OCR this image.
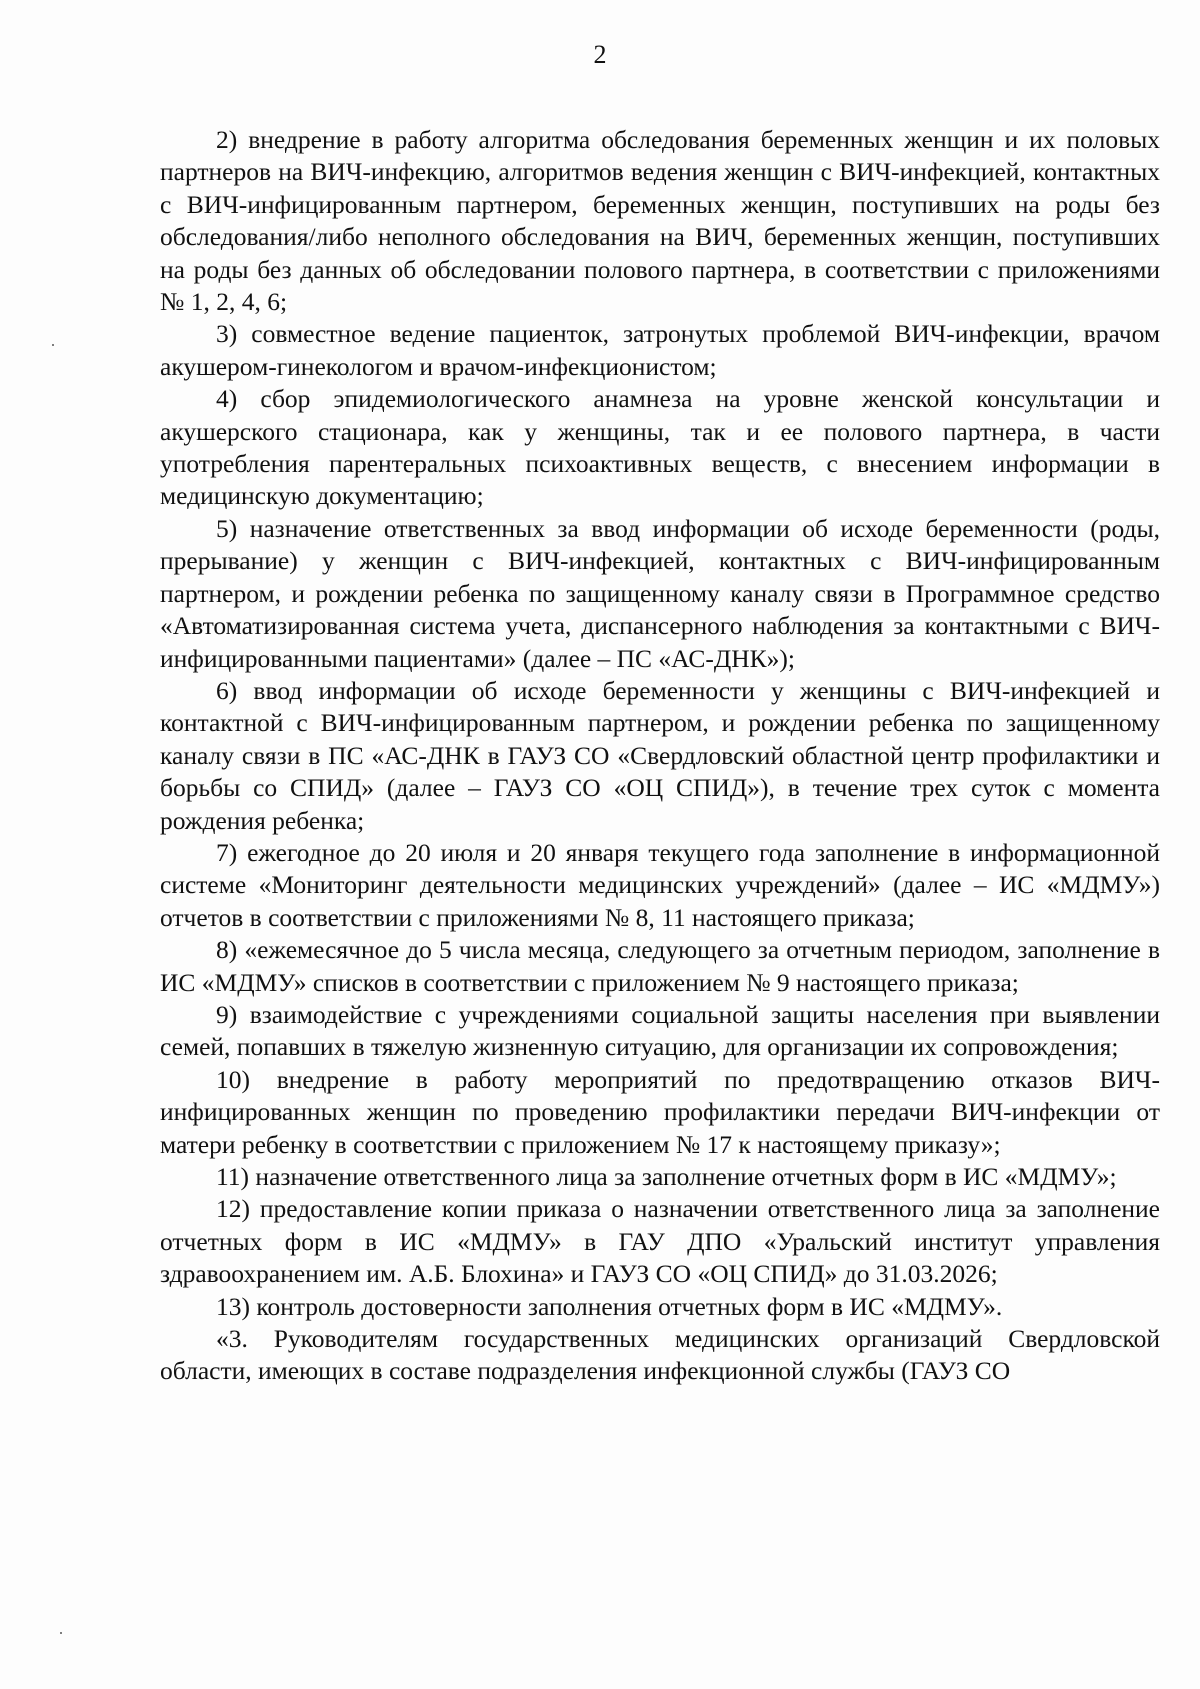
2

2) внедрение в работу алгоритма обследования беременных женщин и их половых партнеров на ВИЧ-инфекцию, алгоритмов ведения женщин с ВИЧ-инфекцией, контактных с ВИЧ-инфицированным партнером, беременных женщин, поступивших на роды без обследования/либо неполного обследования на ВИЧ, беременных женщин, поступивших на роды без данных об обследовании полового партнера, в соответствии с приложениями № 1, 2, 4, 6;

3) совместное ведение пациенток, затронутых проблемой ВИЧ-инфекции, врачом акушером-гинекологом и врачом-инфекционистом;

4) сбор эпидемиологического анамнеза на уровне женской консультации и акушерского стационара, как у женщины, так и ее полового партнера, в части употребления парентеральных психоактивных веществ, с внесением информации в медицинскую документацию;

5) назначение ответственных за ввод информации об исходе беременности (роды, прерывание) у женщин с ВИЧ-инфекцией, контактных с ВИЧ-инфицированным партнером, и рождении ребенка по защищенному каналу связи в Программное средство «Автоматизированная система учета, диспансерного наблюдения за контактными с ВИЧ-инфицированными пациентами» (далее – ПС «АС-ДНК»);

6) ввод информации об исходе беременности у женщины с ВИЧ-инфекцией и контактной с ВИЧ-инфицированным партнером, и рождении ребенка по защищенному каналу связи в ПС «АС-ДНК в ГАУЗ СО «Свердловский областной центр профилактики и борьбы со СПИД» (далее – ГАУЗ СО «ОЦ СПИД»), в течение трех суток с момента рождения ребенка;

7) ежегодное до 20 июля и 20 января текущего года заполнение в информационной системе «Мониторинг деятельности медицинских учреждений» (далее – ИС «МДМУ») отчетов в соответствии с приложениями № 8, 11 настоящего приказа;

8) «ежемесячное до 5 числа месяца, следующего за отчетным периодом, заполнение в ИС «МДМУ» списков в соответствии с приложением № 9 настоящего приказа;

9) взаимодействие с учреждениями социальной защиты населения при выявлении семей, попавших в тяжелую жизненную ситуацию, для организации их сопровождения;

10) внедрение в работу мероприятий по предотвращению отказов ВИЧ-инфицированных женщин по проведению профилактики передачи ВИЧ-инфекции от матери ребенку в соответствии с приложением № 17 к настоящему приказу»;

11) назначение ответственного лица за заполнение отчетных форм в ИС «МДМУ»;

12) предоставление копии приказа о назначении ответственного лица за заполнение отчетных форм в ИС «МДМУ» в ГАУ ДПО «Уральский институт управления здравоохранением им. А.Б. Блохина» и ГАУЗ СО «ОЦ СПИД» до 31.03.2026;

13) контроль достоверности заполнения отчетных форм в ИС «МДМУ».

«3. Руководителям государственных медицинских организаций Свердловской области, имеющих в составе подразделения инфекционной службы (ГАУЗ СО
